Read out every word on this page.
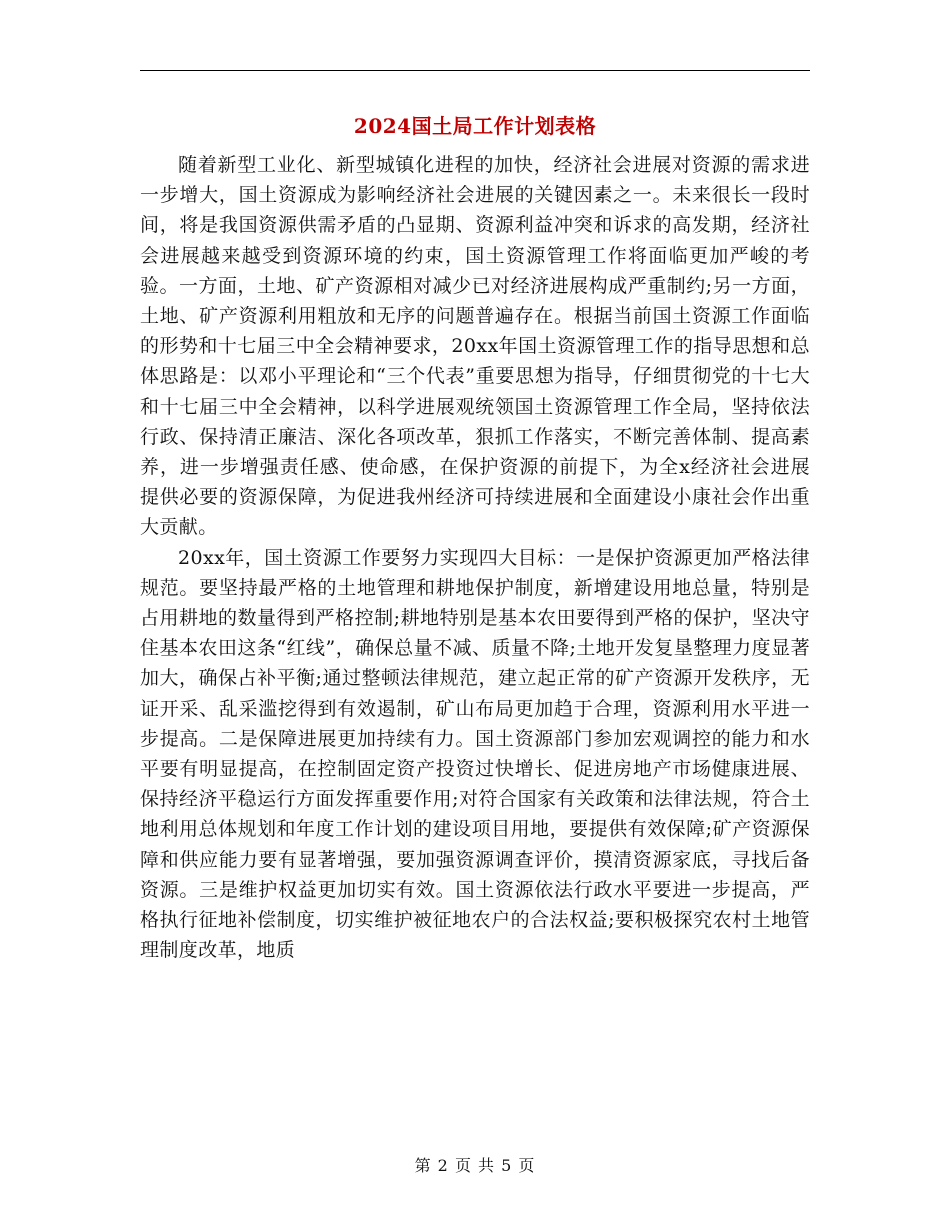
2024国土局工作计划表格

随着新型工业化、新型城镇化进程的加快，经济社会进展对资源的需求进一步增大，国土资源成为影响经济社会进展的关键因素之一。未来很长一段时间，将是我国资源供需矛盾的凸显期、资源利益冲突和诉求的高发期，经济社会进展越来越受到资源环境的约束，国土资源管理工作将面临更加严峻的考验。一方面，土地、矿产资源相对减少已对经济进展构成严重制约;另一方面，土地、矿产资源利用粗放和无序的问题普遍存在。根据当前国土资源工作面临的形势和十七届三中全会精神要求，20xx年国土资源管理工作的指导思想和总体思路是：以邓小平理论和“三个代表”重要思想为指导，仔细贯彻党的十七大和十七届三中全会精神，以科学进展观统领国土资源管理工作全局，坚持依法行政、保持清正廉洁、深化各项改革，狠抓工作落实，不断完善体制、提高素养，进一步增强责任感、使命感，在保护资源的前提下，为全x经济社会进展提供必要的资源保障，为促进我州经济可持续进展和全面建设小康社会作出重大贡献。

20xx年，国土资源工作要努力实现四大目标：一是保护资源更加严格法律规范。要坚持最严格的土地管理和耕地保护制度，新增建设用地总量，特别是占用耕地的数量得到严格控制;耕地特别是基本农田要得到严格的保护，坚决守住基本农田这条“红线”，确保总量不减、质量不降;土地开发复垦整理力度显著加大，确保占补平衡;通过整顿法律规范，建立起正常的矿产资源开发秩序，无证开采、乱采滥挖得到有效遏制，矿山布局更加趋于合理，资源利用水平进一步提高。二是保障进展更加持续有力。国土资源部门参加宏观调控的能力和水平要有明显提高，在控制固定资产投资过快增长、促进房地产市场健康进展、保持经济平稳运行方面发挥重要作用;对符合国家有关政策和法律法规，符合土地利用总体规划和年度工作计划的建设项目用地，要提供有效保障;矿产资源保障和供应能力要有显著增强，要加强资源调查评价，摸清资源家底，寻找后备资源。三是维护权益更加切实有效。国土资源依法行政水平要进一步提高，严格执行征地补偿制度，切实维护被征地农户的合法权益;要积极探究农村土地管理制度改革，地质

第 2 页 共 5 页
